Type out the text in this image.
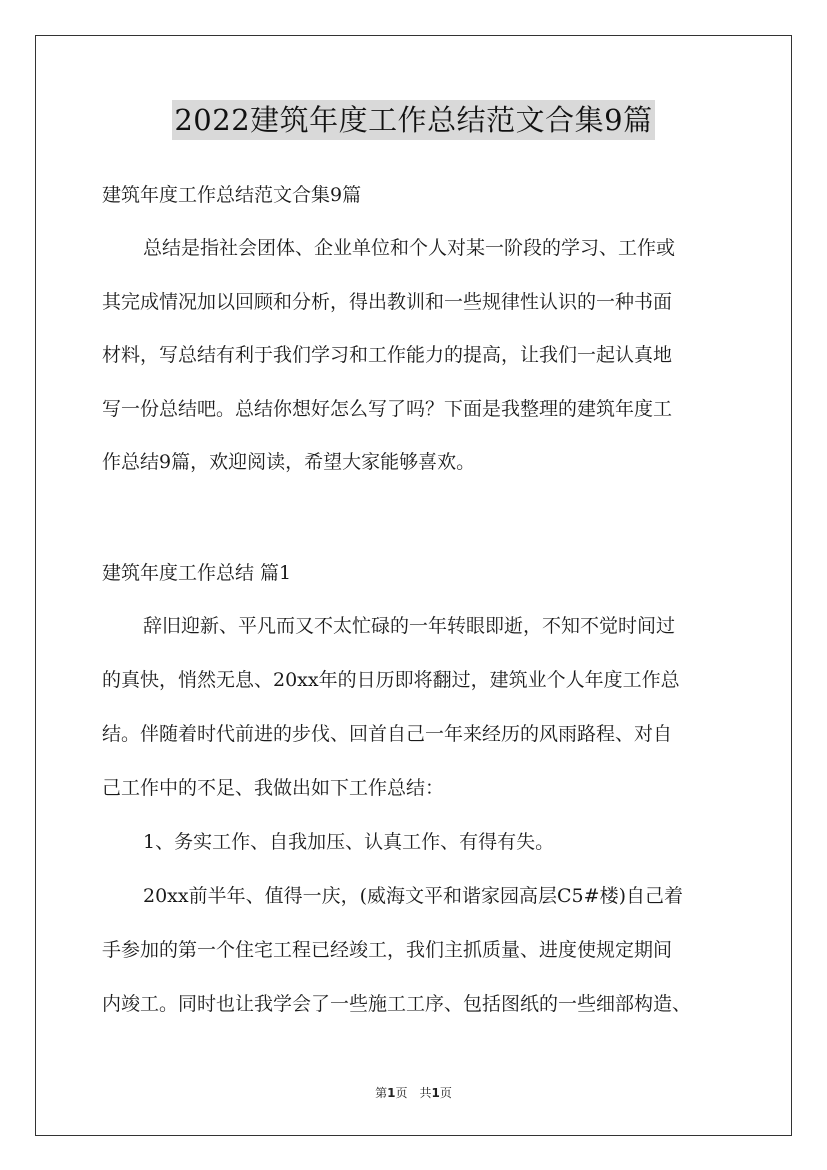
2022建筑年度工作总结范文合集9篇
建筑年度工作总结范文合集9篇
总结是指社会团体、企业单位和个人对某一阶段的学习、工作或
其完成情况加以回顾和分析，得出教训和一些规律性认识的一种书面
材料，写总结有利于我们学习和工作能力的提高，让我们一起认真地
写一份总结吧。总结你想好怎么写了吗？下面是我整理的建筑年度工
作总结9篇，欢迎阅读，希望大家能够喜欢。
建筑年度工作总结 篇1
辞旧迎新、平凡而又不太忙碌的一年转眼即逝，不知不觉时间过
的真快，悄然无息、20xx年的日历即将翻过，建筑业个人年度工作总
结。伴随着时代前进的步伐、回首自己一年来经历的风雨路程、对自
己工作中的不足、我做出如下工作总结：
1、务实工作、自我加压、认真工作、有得有失。
20xx前半年、值得一庆，(威海文平和谐家园高层C5#楼)自己着
手参加的第一个住宅工程已经竣工，我们主抓质量、进度使规定期间
内竣工。同时也让我学会了一些施工工序、包括图纸的一些细部构造、
第1页　共1页
